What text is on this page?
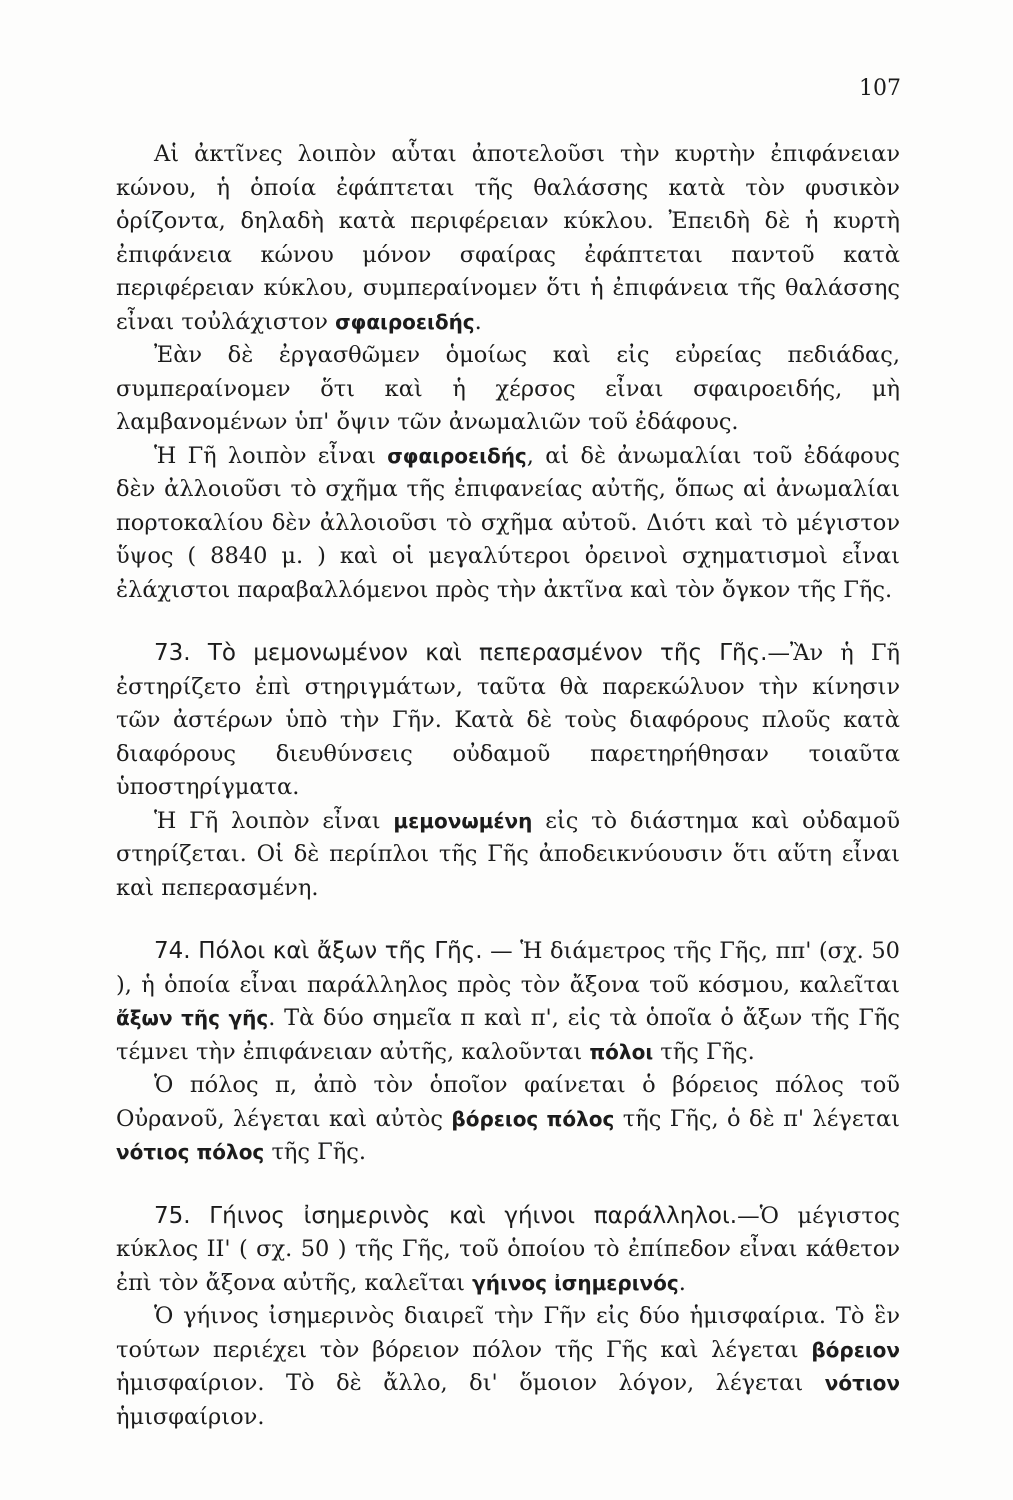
107

Αἱ ἀκτῖνες λοιπὸν αὗται ἀποτελοῦσι τὴν κυρτὴν ἐπιφάνειαν κώνου, ἡ ὁποία ἐφάπτεται τῆς θαλάσσης κατὰ τὸν φυσικὸν ὁρίζοντα, δηλαδὴ κατὰ περιφέρειαν κύκλου. Ἐπειδὴ δὲ ἡ κυρτὴ ἐπιφάνεια κώνου μόνον σφαίρας ἐφάπτεται παντοῦ κατὰ περιφέρειαν κύκλου, συμπεραίνομεν ὅτι ἡ ἐπιφάνεια τῆς θαλάσσης εἶναι τοὐλάχιστον σφαιροειδής.

Ἐὰν δὲ ἐργασθῶμεν ὁμοίως καὶ εἰς εὐρείας πεδιάδας, συμπεραίνομεν ὅτι καὶ ἡ χέρσος εἶναι σφαιροειδής, μὴ λαμβανομένων ὑπ' ὄψιν τῶν ἀνωμαλιῶν τοῦ ἐδάφους.

Ἡ Γῆ λοιπὸν εἶναι σφαιροειδής, αἱ δὲ ἀνωμαλίαι τοῦ ἐδάφους δὲν ἀλλοιοῦσι τὸ σχῆμα τῆς ἐπιφανείας αὐτῆς, ὅπως αἱ ἀνωμαλίαι πορτοκαλίου δὲν ἀλλοιοῦσι τὸ σχῆμα αὐτοῦ. Διότι καὶ τὸ μέγιστον ὕψος ( 8840 μ. ) καὶ οἱ μεγαλύτεροι ὀρεινοὶ σχηματισμοὶ εἶναι ἐλάχιστοι παραβαλλόμενοι πρὸς τὴν ἀκτῖνα καὶ τὸν ὄγκον τῆς Γῆς.

73. Τὸ μεμονωμένον καὶ πεπερασμένον τῆς Γῆς.—Ἂν ἡ Γῆ ἐστηρίζετο ἐπὶ στηριγμάτων, ταῦτα θὰ παρεκώλυον τὴν κίνησιν τῶν ἀστέρων ὑπὸ τὴν Γῆν. Κατὰ δὲ τοὺς διαφόρους πλοῦς κατὰ διαφόρους διευθύνσεις οὐδαμοῦ παρετηρήθησαν τοιαῦτα ὑποστηρίγματα.

Ἡ Γῆ λοιπὸν εἶναι μεμονωμένη εἰς τὸ διάστημα καὶ οὐδαμοῦ στηρίζεται. Οἱ δὲ περίπλοι τῆς Γῆς ἀποδεικνύουσιν ὅτι αὕτη εἶναι καὶ πεπερασμένη.

74. Πόλοι καὶ ἄξων τῆς Γῆς. — Ἡ διάμετρος τῆς Γῆς, ππ' (σχ. 50 ), ἡ ὁποία εἶναι παράλληλος πρὸς τὸν ἄξονα τοῦ κόσμου, καλεῖται ἄξων τῆς γῆς. Τὰ δύο σημεῖα π καὶ π', εἰς τὰ ὁποῖα ὁ ἄξων τῆς Γῆς τέμνει τὴν ἐπιφάνειαν αὐτῆς, καλοῦνται πόλοι τῆς Γῆς.

Ὁ πόλος π, ἀπὸ τὸν ὁποῖον φαίνεται ὁ βόρειος πόλος τοῦ Οὐρανοῦ, λέγεται καὶ αὐτὸς βόρειος πόλος τῆς Γῆς, ὁ δὲ π' λέγεται νότιος πόλος τῆς Γῆς.

75. Γήινος ἰσημερινὸς καὶ γήινοι παράλληλοι.—Ὁ μέγιστος κύκλος ΙΙ' ( σχ. 50 ) τῆς Γῆς, τοῦ ὁποίου τὸ ἐπίπεδον εἶναι κάθετον ἐπὶ τὸν ἄξονα αὐτῆς, καλεῖται γήινος ἰσημερινός.

Ὁ γήινος ἰσημερινὸς διαιρεῖ τὴν Γῆν εἰς δύο ἡμισφαίρια. Τὸ ἓν τούτων περιέχει τὸν βόρειον πόλον τῆς Γῆς καὶ λέγεται βόρειον ἡμισφαίριον. Τὸ δὲ ἄλλο, δι' ὅμοιον λόγον, λέγεται νότιον ἡμισφαίριον.
